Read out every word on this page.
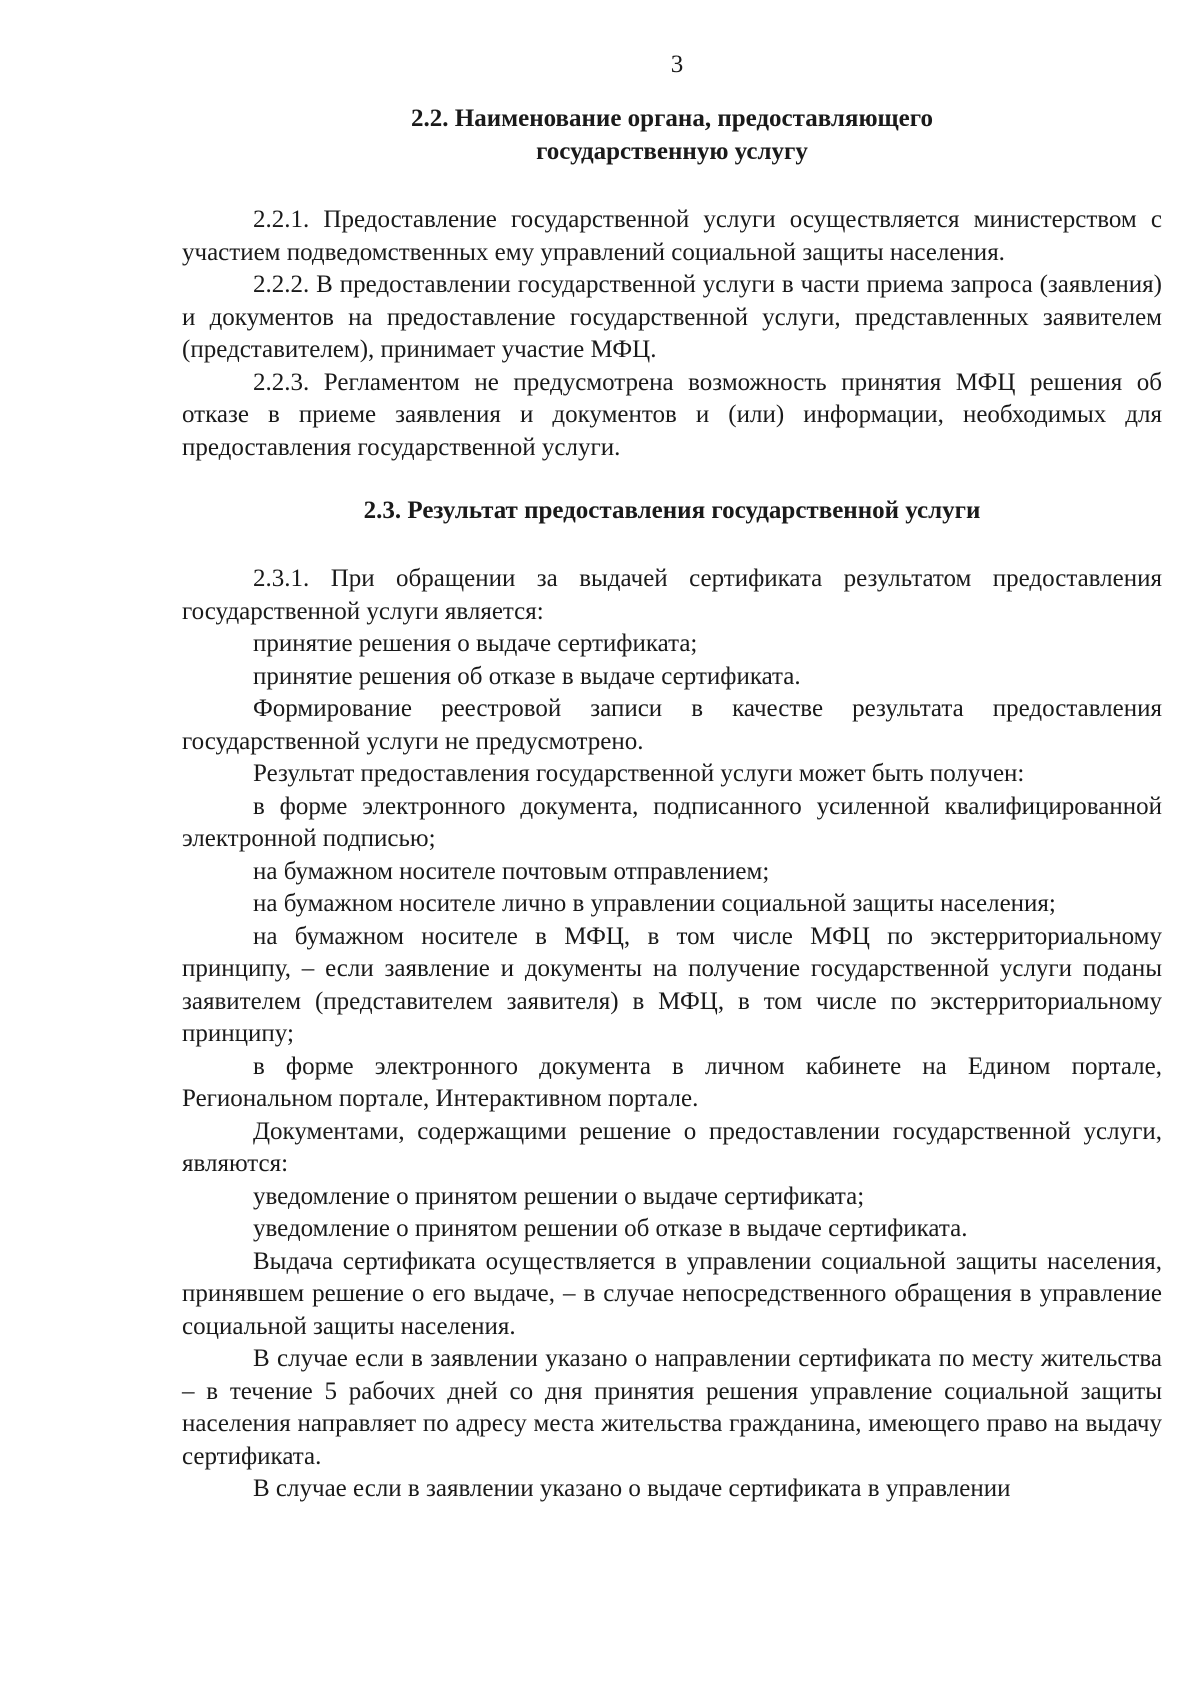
3
2.2. Наименование органа, предоставляющего
государственную услугу

2.2.1. Предоставление государственной услуги осуществляется министерством с участием подведомственных ему управлений социальной защиты населения.

2.2.2. В предоставлении государственной услуги в части приема запроса (заявления) и документов на предоставление государственной услуги, представленных заявителем (представителем), принимает участие МФЦ.

2.2.3. Регламентом не предусмотрена возможность принятия МФЦ решения об отказе в приеме заявления и документов и (или) информации, необходимых для предоставления государственной услуги.

2.3. Результат предоставления государственной услуги

2.3.1. При обращении за выдачей сертификата результатом предоставления государственной услуги является:

принятие решения о выдаче сертификата;

принятие решения об отказе в выдаче сертификата.

Формирование реестровой записи в качестве результата предоставления государственной услуги не предусмотрено.

Результат предоставления государственной услуги может быть получен:

в форме электронного документа, подписанного усиленной квалифицированной электронной подписью;

на бумажном носителе почтовым отправлением;

на бумажном носителе лично в управлении социальной защиты населения;

на бумажном носителе в МФЦ, в том числе МФЦ по экстерриториальному принципу, – если заявление и документы на получение государственной услуги поданы заявителем (представителем заявителя) в МФЦ, в том числе по экстерриториальному принципу;

в форме электронного документа в личном кабинете на Едином портале, Региональном портале, Интерактивном портале.

Документами, содержащими решение о предоставлении государственной услуги, являются:

уведомление о принятом решении о выдаче сертификата;

уведомление о принятом решении об отказе в выдаче сертификата.

Выдача сертификата осуществляется в управлении социальной защиты населения, принявшем решение о его выдаче, – в случае непосредственного обращения в управление социальной защиты населения.

В случае если в заявлении указано о направлении сертификата по месту жительства – в течение 5 рабочих дней со дня принятия решения управление социальной защиты населения направляет по адресу места жительства гражданина, имеющего право на выдачу сертификата.

В случае если в заявлении указано о выдаче сертификата в управлении
